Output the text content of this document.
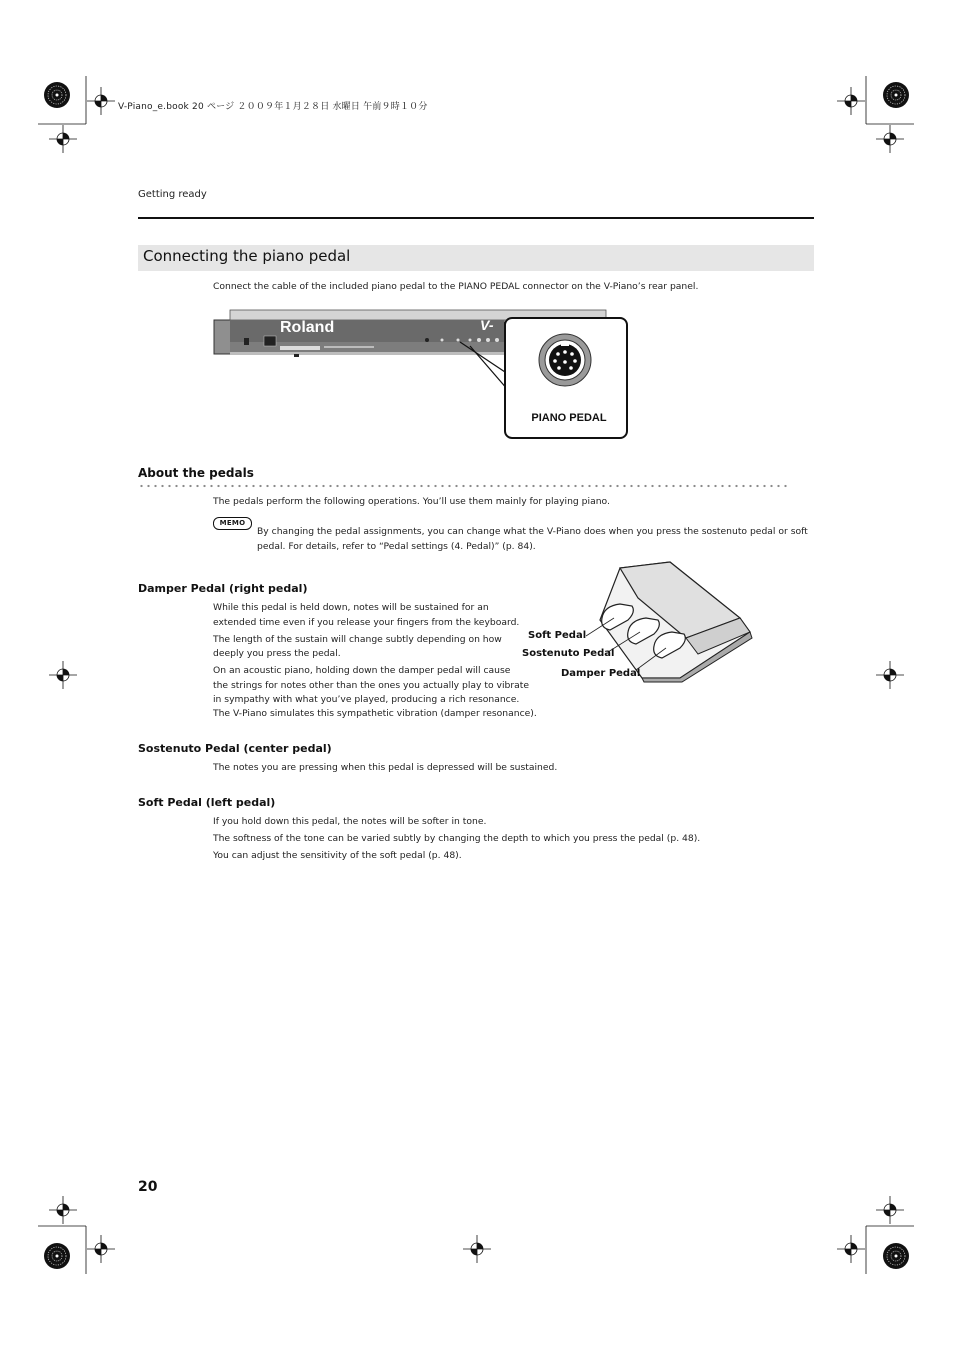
V-Piano_e.book 20 ページ ２００９年１月２８日 水曜日 午前９時１０分
Getting ready
Connecting the piano pedal
Connect the cable of the included piano pedal to the PIANO PEDAL connector on the V-Piano’s rear panel.
Roland	V-
PIANO PEDAL
About the pedals
The pedals perform the following operations. You’ll use them mainly for playing piano.
MEMO
By changing the pedal assignments, you can change what the V-Piano does when you press the sostenuto pedal or soft
pedal. For details, refer to “Pedal settings (4. Pedal)” (p. 84).
Damper Pedal (right pedal)
While this pedal is held down, notes will be sustained for an
extended time even if you release your fingers from the keyboard.
The length of the sustain will change subtly depending on how
deeply you press the pedal.
On an acoustic piano, holding down the damper pedal will cause
the strings for notes other than the ones you actually play to vibrate
in sympathy with what you’ve played, producing a rich resonance.
The V-Piano simulates this sympathetic vibration (damper resonance).
Soft Pedal
Sostenuto Pedal
Damper Pedal
Sostenuto Pedal (center pedal)
The notes you are pressing when this pedal is depressed will be sustained.
Soft Pedal (left pedal)
If you hold down this pedal, the notes will be softer in tone.
The softness of the tone can be varied subtly by changing the depth to which you press the pedal (p. 48).
You can adjust the sensitivity of the soft pedal (p. 48).
20
